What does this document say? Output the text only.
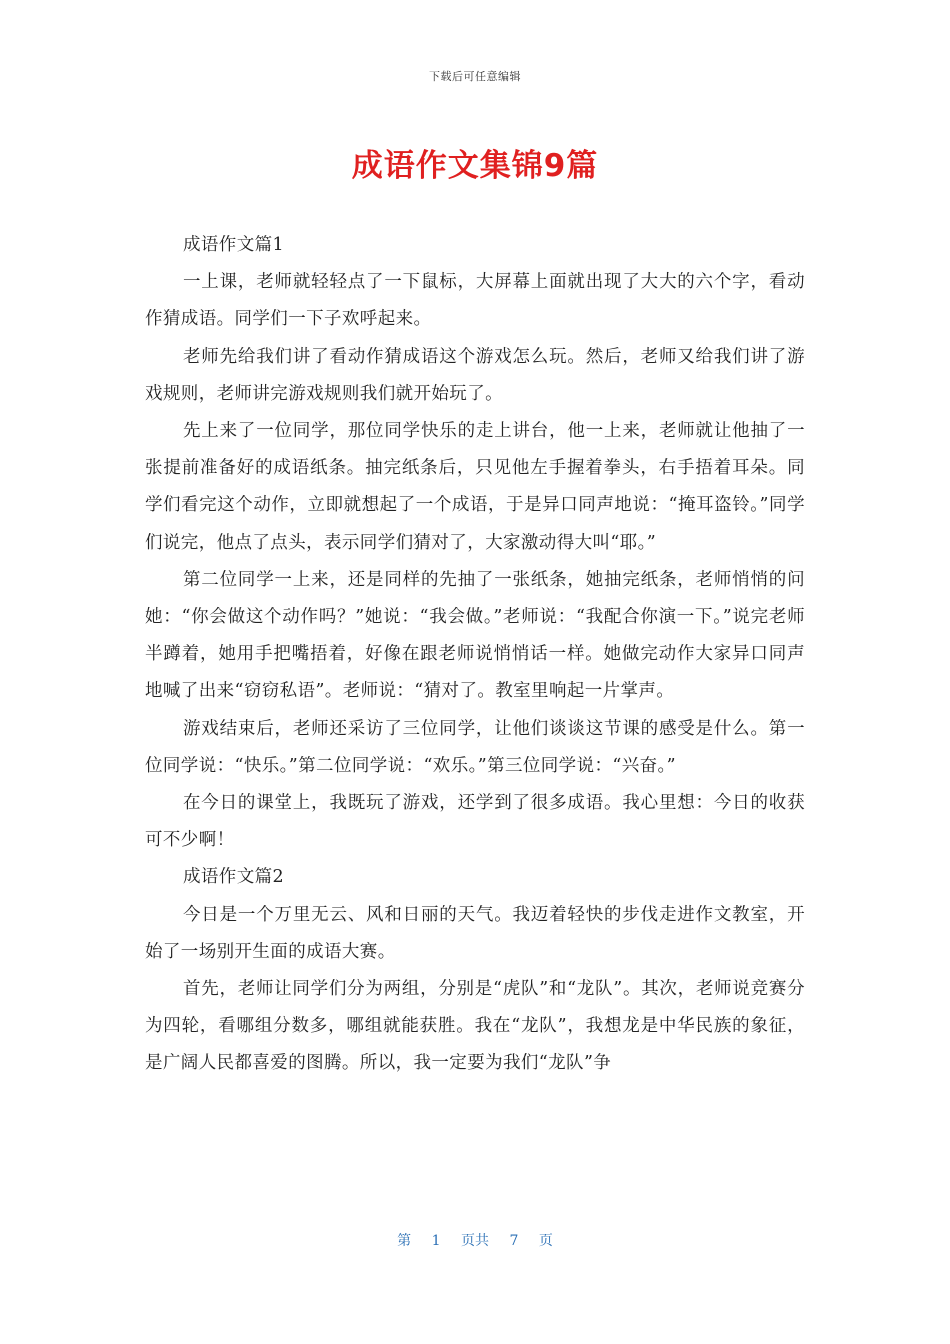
下载后可任意编辑
成语作文集锦9篇

成语作文篇1

一上课，老师就轻轻点了一下鼠标，大屏幕上面就出现了大大的六个字，看动作猜成语。同学们一下子欢呼起来。

老师先给我们讲了看动作猜成语这个游戏怎么玩。然后，老师又给我们讲了游戏规则，老师讲完游戏规则我们就开始玩了。

先上来了一位同学，那位同学快乐的走上讲台，他一上来，老师就让他抽了一张提前准备好的成语纸条。抽完纸条后，只见他左手握着拳头，右手捂着耳朵。同学们看完这个动作，立即就想起了一个成语，于是异口同声地说：“掩耳盗铃。”同学们说完，他点了点头，表示同学们猜对了，大家激动得大叫“耶。”

第二位同学一上来，还是同样的先抽了一张纸条，她抽完纸条，老师悄悄的问她：“你会做这个动作吗？”她说：“我会做。”老师说：“我配合你演一下。”说完老师半蹲着，她用手把嘴捂着，好像在跟老师说悄悄话一样。她做完动作大家异口同声地喊了出来“窃窃私语”。老师说：“猜对了。教室里响起一片掌声。

游戏结束后，老师还采访了三位同学，让他们谈谈这节课的感受是什么。第一位同学说：“快乐。”第二位同学说：“欢乐。”第三位同学说：“兴奋。”

在今日的课堂上，我既玩了游戏，还学到了很多成语。我心里想：今日的收获可不少啊！

成语作文篇2

今日是一个万里无云、风和日丽的天气。我迈着轻快的步伐走进作文教室，开始了一场别开生面的成语大赛。

首先，老师让同学们分为两组，分别是“虎队”和“龙队”。其次，老师说竞赛分为四轮，看哪组分数多，哪组就能获胜。我在“龙队”，我想龙是中华民族的象征，是广阔人民都喜爱的图腾。所以，我一定要为我们“龙队”争

第 1 页共 7 页
